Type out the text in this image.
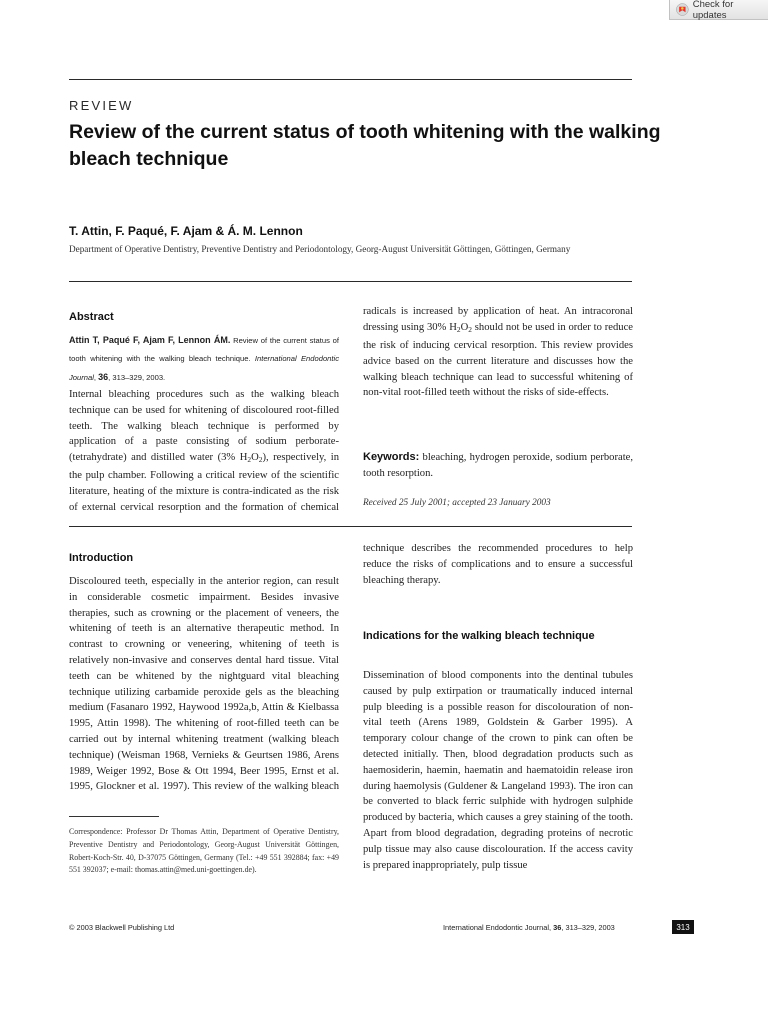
Check for updates
REVIEW
Review of the current status of tooth whitening with the walking bleach technique
T. Attin, F. Paqué, F. Ajam & Á. M. Lennon
Department of Operative Dentistry, Preventive Dentistry and Periodontology, Georg-August Universität Göttingen, Göttingen, Germany
Abstract
Attin T, Paqué F, Ajam F, Lennon ÁM. Review of the current status of tooth whitening with the walking bleach technique. International Endodontic Journal, 36, 313–329, 2003.

Internal bleaching procedures such as the walking bleach technique can be used for whitening of discoloured root-filled teeth. The walking bleach technique is performed by application of a paste consisting of sodium perborate-(tetrahydrate) and distilled water (3% $H_2O_2$), respectively, in the pulp chamber. Following a critical review of the scientific literature, heating of the mixture is contra-indicated as the risk of external cervical resorption and the formation of chemical

radicals is increased by application of heat. An intracoronal dressing using 30% $H_2O_2$ should not be used in order to reduce the risk of inducing cervical resorption. This review provides advice based on the current literature and discusses how the walking bleach technique can lead to successful whitening of non-vital root-filled teeth without the risks of side-effects.

Keywords: bleaching, hydrogen peroxide, sodium perborate, tooth resorption.
Received 25 July 2001; accepted 23 January 2003
Introduction

Discoloured teeth, especially in the anterior region, can result in considerable cosmetic impairment. Besides invasive therapies, such as crowning or the placement of veneers, the whitening of teeth is an alternative therapeutic method. In contrast to crowning or veneering, whitening of teeth is relatively non-invasive and conserves dental hard tissue. Vital teeth can be whitened by the nightguard vital bleaching technique utilizing carbamide peroxide gels as the bleaching medium (Fasanaro 1992, Haywood 1992a,b, Attin & Kielbassa 1995, Attin 1998). The whitening of root-filled teeth can be carried out by internal whitening treatment (walking bleach technique) (Weisman 1968, Vernieks & Geurtsen 1986, Arens 1989, Weiger 1992, Bose & Ott 1994, Beer 1995, Ernst et al. 1995, Glockner et al. 1997). This review of the walking bleach

technique describes the recommended procedures to help reduce the risks of complications and to ensure a successful bleaching therapy.

Indications for the walking bleach technique
Dissemination of blood components into the dentinal tubules caused by pulp extirpation or traumatically induced internal pulp bleeding is a possible reason for discolouration of non-vital teeth (Arens 1989, Goldstein & Garber 1995). A temporary colour change of the crown to pink can often be detected initially. Then, blood degradation products such as haemosiderin, haemin, haematin and haematoidin release iron during haemolysis (Guldener & Langeland 1993). The iron can be converted to black ferric sulphide with hydrogen sulphide produced by bacteria, which causes a grey staining of the tooth. Apart from blood degradation, degrading proteins of necrotic pulp tissue may also cause discolouration. If the access cavity is prepared inappropriately, pulp tissue
Correspondence: Professor Dr Thomas Attin, Department of Operative Dentistry, Preventive Dentistry and Periodontology, Georg-August Universität Göttingen, Robert-Koch-Str. 40, D-37075 Göttingen, Germany (Tel.: +49 551 392884; fax: +49 551 392037; e-mail: thomas.attin@med.uni-goettingen.de).
© 2003 Blackwell Publishing Ltd	International Endodontic Journal, 36, 313–329, 2003	313
